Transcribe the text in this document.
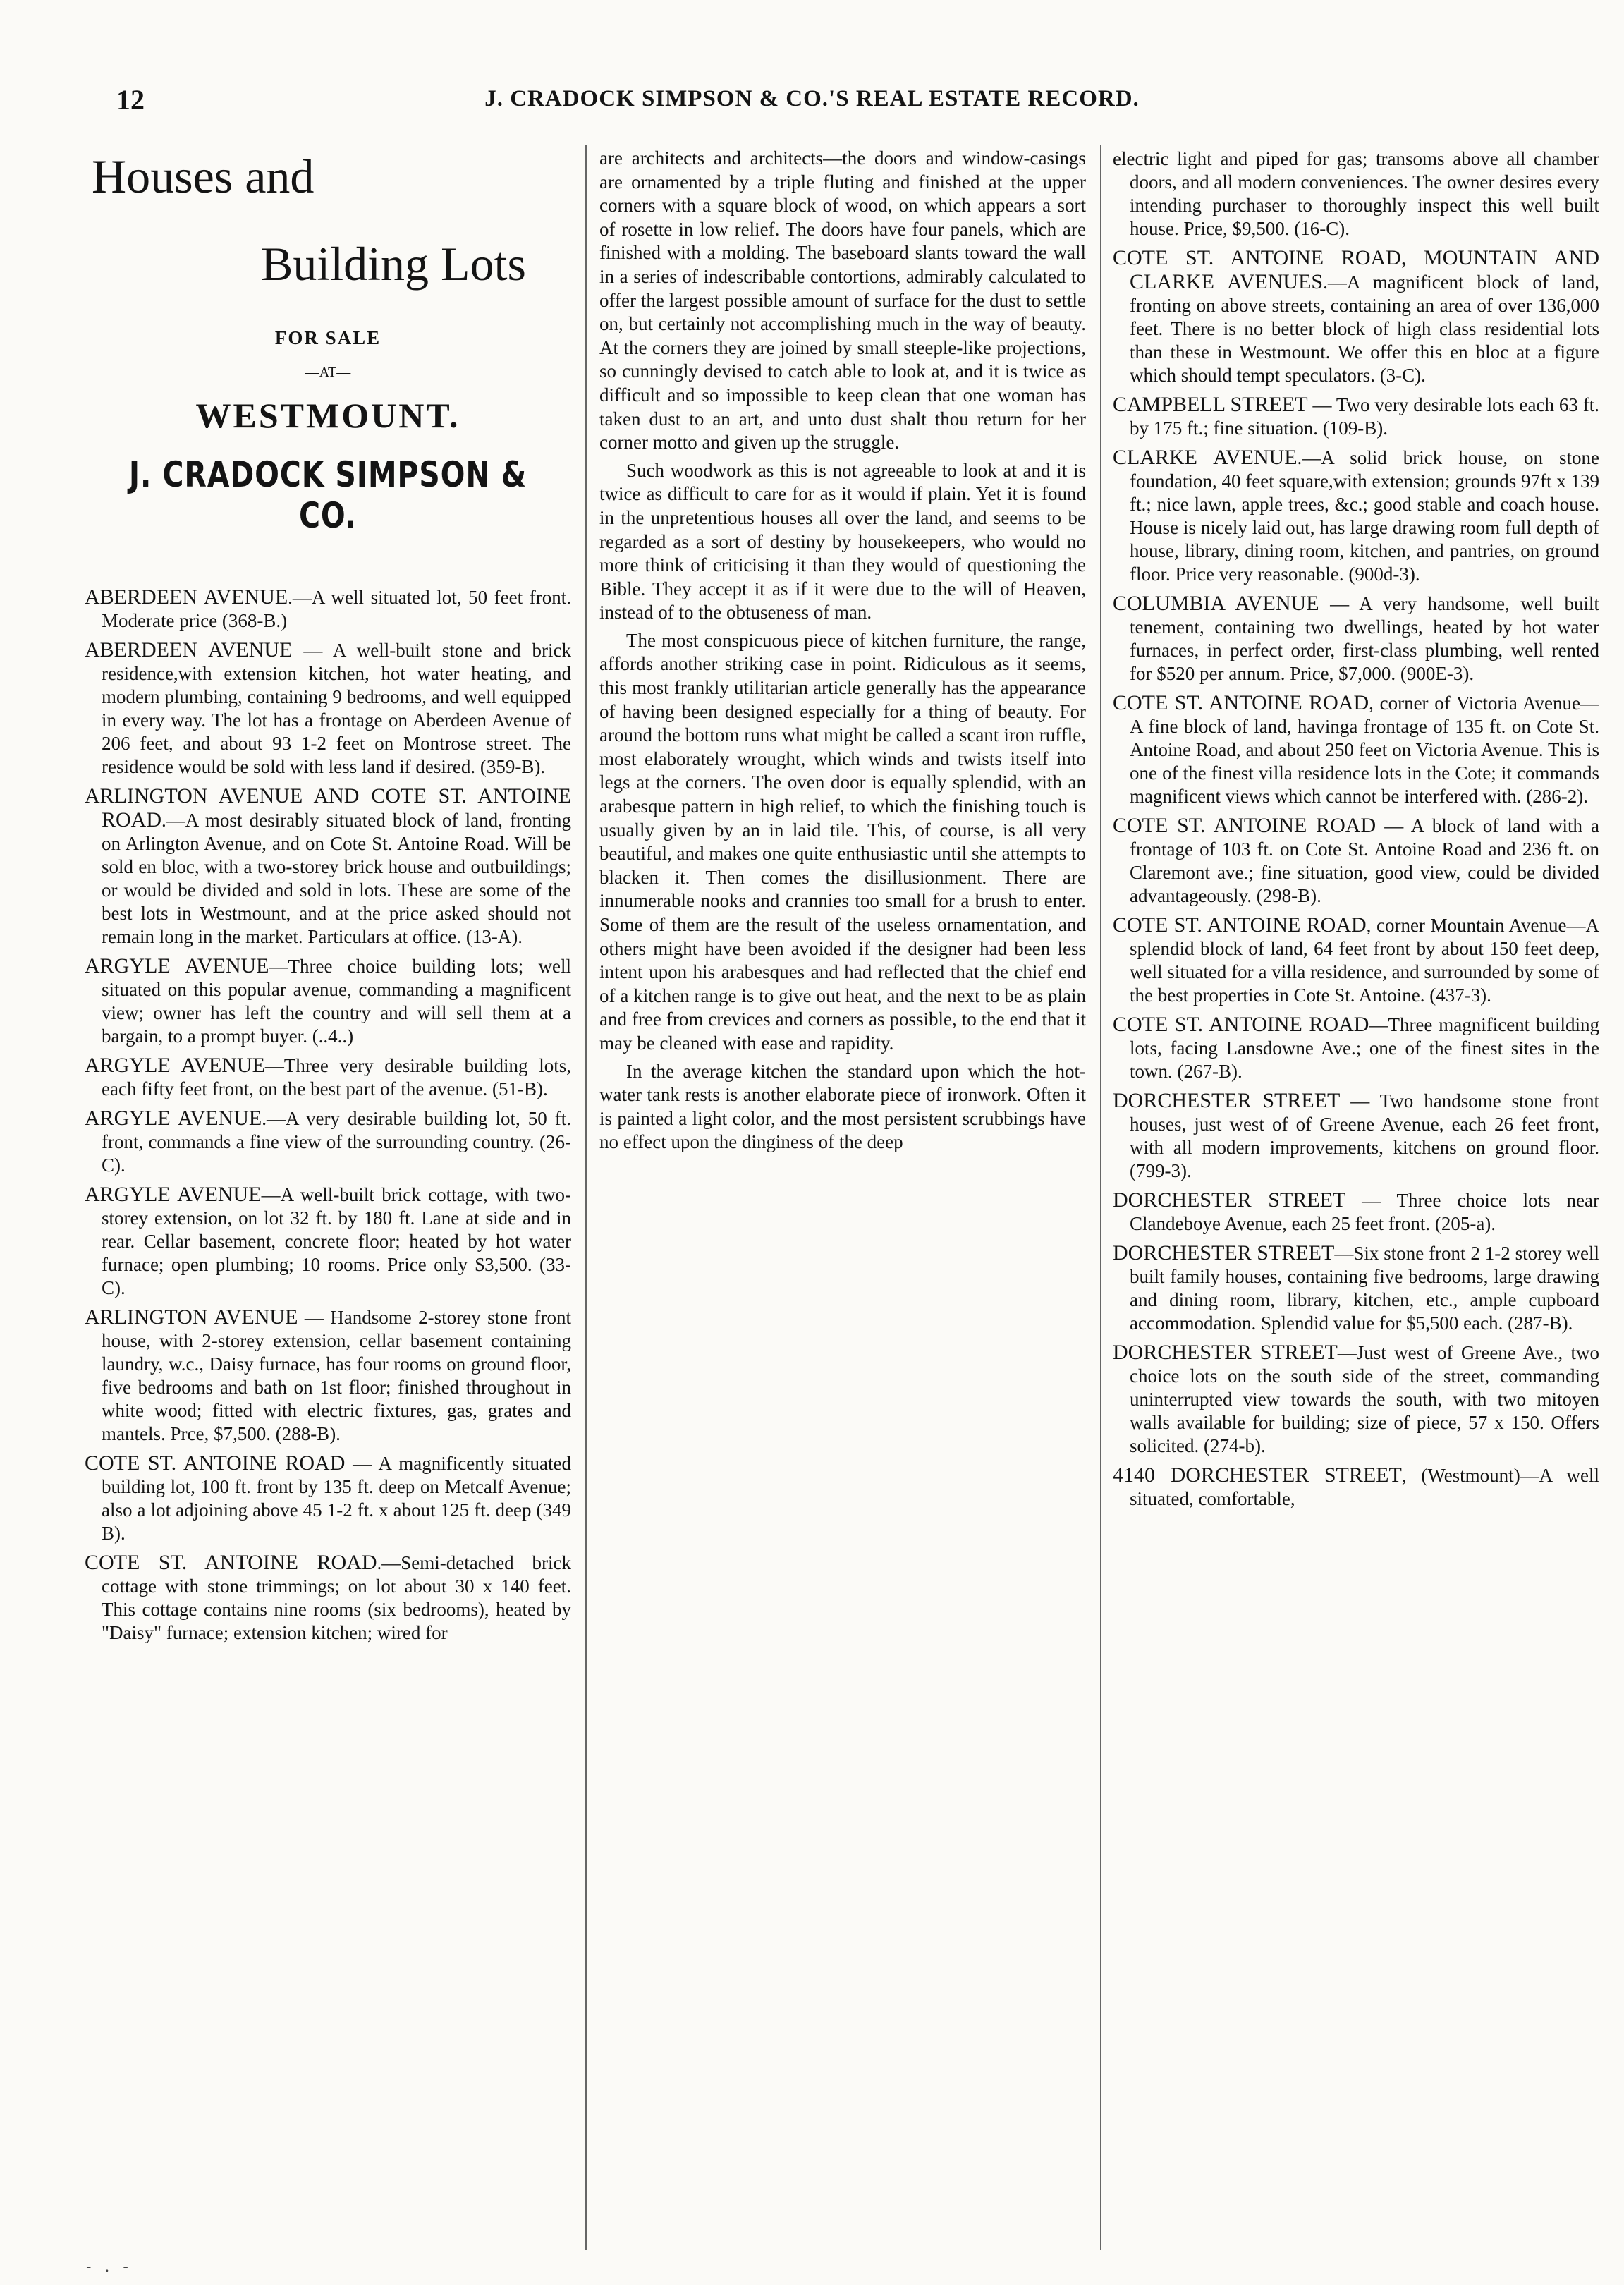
12	J. CRADOCK SIMPSON & CO.'S REAL ESTATE RECORD.
Houses and
Building Lots
FOR SALE
—AT—
WESTMOUNT.
J. CRADOCK SIMPSON & CO.
ABERDEEN AVENUE.—A well situated lot, 50 feet front. Moderate price (368-B.)
ABERDEEN AVENUE — A well-built stone and brick residence,with extension kitchen, hot water heating, and modern plumbing, containing 9 bedrooms, and well equipped in every way. The lot has a frontage on Aberdeen Avenue of 206 feet, and about 93 1-2 feet on Montrose street. The residence would be sold with less land if desired. (359-B).
ARLINGTON AVENUE AND COTE ST. ANTOINE ROAD.—A most desirably situated block of land, fronting on Arlington Avenue, and on Cote St. Antoine Road. Will be sold en bloc, with a two-storey brick house and outbuildings; or would be divided and sold in lots. These are some of the best lots in Westmount, and at the price asked should not remain long in the market. Particulars at office. (13-A).
ARGYLE AVENUE—Three choice building lots; well situated on this popular avenue, commanding a magnificent view; owner has left the country and will sell them at a bargain, to a prompt buyer. (..4..)
ARGYLE AVENUE—Three very desirable building lots, each fifty feet front, on the best part of the avenue. (51-B).
ARGYLE AVENUE.—A very desirable building lot, 50 ft. front, commands a fine view of the surrounding country. (26-C).
ARGYLE AVENUE—A well-built brick cottage, with two-storey extension, on lot 32 ft. by 180 ft. Lane at side and in rear. Cellar basement, concrete floor; heated by hot water furnace; open plumbing; 10 rooms. Price only $3,500. (33-C).
ARLINGTON AVENUE — Handsome 2-storey stone front house, with 2-storey extension, cellar basement containing laundry, w.c., Daisy furnace, has four rooms on ground floor, five bedrooms and bath on 1st floor; finished throughout in white wood; fitted with electric fixtures, gas, grates and mantels. Prce, $7,500. (288-B).
COTE ST. ANTOINE ROAD — A magnificently situated building lot, 100 ft. front by 135 ft. deep on Metcalf Avenue; also a lot adjoining above 45 1-2 ft. x about 125 ft. deep (349 B).
COTE ST. ANTOINE ROAD.—Semi-detached brick cottage with stone trimmings; on lot about 30 x 140 feet. This cottage contains nine rooms (six bedrooms), heated by "Daisy" furnace; extension kitchen; wired for

are architects and architects—the doors and window-casings are ornamented by a triple fluting and finished at the upper corners with a square block of wood, on which appears a sort of rosette in low relief. The doors have four panels, which are finished with a molding. The baseboard slants toward the wall in a series of indescribable contortions, admirably calculated to offer the largest possible amount of surface for the dust to settle on, but certainly not accomplishing much in the way of beauty. At the corners they are joined by small steeple-like projections, so cunningly devised to catch able to look at, and it is twice as difficult and so impossible to keep clean that one woman has taken dust to an art, and unto dust shalt thou return for her corner motto and given up the struggle.

Such woodwork as this is not agreeable to look at and it is twice as difficult to care for as it would if plain. Yet it is found in the unpretentious houses all over the land, and seems to be regarded as a sort of destiny by housekeepers, who would no more think of criticising it than they would of questioning the Bible. They accept it as if it were due to the will of Heaven, instead of to the obtuseness of man.

The most conspicuous piece of kitchen furniture, the range, affords another striking case in point. Ridiculous as it seems, this most frankly utilitarian article generally has the appearance of having been designed especially for a thing of beauty. For around the bottom runs what might be called a scant iron ruffle, most elaborately wrought, which winds and twists itself into legs at the corners. The oven door is equally splendid, with an arabesque pattern in high relief, to which the finishing touch is usually given by an in laid tile. This, of course, is all very beautiful, and makes one quite enthusiastic until she attempts to blacken it. Then comes the disillusionment. There are innumerable nooks and crannies too small for a brush to enter. Some of them are the result of the useless ornamentation, and others might have been avoided if the designer had been less intent upon his arabesques and had reflected that the chief end of a kitchen range is to give out heat, and the next to be as plain and free from crevices and corners as possible, to the end that it may be cleaned with ease and rapidity.

In the average kitchen the standard upon which the hot-water tank rests is another elaborate piece of ironwork. Often it is painted a light color, and the most persistent scrubbings have no effect upon the dinginess of the deep

electric light and piped for gas; transoms above all chamber doors, and all modern conveniences. The owner desires every intending purchaser to thoroughly inspect this well built house. Price, $9,500. (16-C).
COTE ST. ANTOINE ROAD, MOUNTAIN AND CLARKE AVENUES.—A magnificent block of land, fronting on above streets, containing an area of over 136,000 feet. There is no better block of high class residential lots than these in Westmount. We offer this en bloc at a figure which should tempt speculators. (3-C).
CAMPBELL STREET — Two very desirable lots each 63 ft. by 175 ft.; fine situation. (109-B).
CLARKE AVENUE.—A solid brick house, on stone foundation, 40 feet square,with extension; grounds 97ft x 139 ft.; nice lawn, apple trees, &c.; good stable and coach house. House is nicely laid out, has large drawing room full depth of house, library, dining room, kitchen, and pantries, on ground floor. Price very reasonable. (900d-3).
COLUMBIA AVENUE — A very handsome, well built tenement, containing two dwellings, heated by hot water furnaces, in perfect order, first-class plumbing, well rented for $520 per annum. Price, $7,000. (900E-3).
COTE ST. ANTOINE ROAD, corner of Victoria Avenue—A fine block of land, havinga frontage of 135 ft. on Cote St. Antoine Road, and about 250 feet on Victoria Avenue. This is one of the finest villa residence lots in the Cote; it commands magnificent views which cannot be interfered with. (286-2).
COTE ST. ANTOINE ROAD — A block of land with a frontage of 103 ft. on Cote St. Antoine Road and 236 ft. on Claremont ave.; fine situation, good view, could be divided advantageously. (298-B).
COTE ST. ANTOINE ROAD, corner Mountain Avenue—A splendid block of land, 64 feet front by about 150 feet deep, well situated for a villa residence, and surrounded by some of the best properties in Cote St. Antoine. (437-3).
COTE ST. ANTOINE ROAD—Three magnificent building lots, facing Lansdowne Ave.; one of the finest sites in the town. (267-B).
DORCHESTER STREET — Two handsome stone front houses, just west of of Greene Avenue, each 26 feet front, with all modern improvements, kitchens on ground floor. (799-3).
DORCHESTER STREET — Three choice lots near Clandeboye Avenue, each 25 feet front. (205-a).
DORCHESTER STREET—Six stone front 2 1-2 storey well built family houses, containing five bedrooms, large drawing and dining room, library, kitchen, etc., ample cupboard accommodation. Splendid value for $5,500 each. (287-B).
DORCHESTER STREET—Just west of Greene Ave., two choice lots on the south side of the street, commanding uninterrupted view towards the south, with two mitoyen walls available for building; size of piece, 57 x 150. Offers solicited. (274-b).
4140 DORCHESTER STREET, (Westmount)—A well situated, comfortable,
- . -
